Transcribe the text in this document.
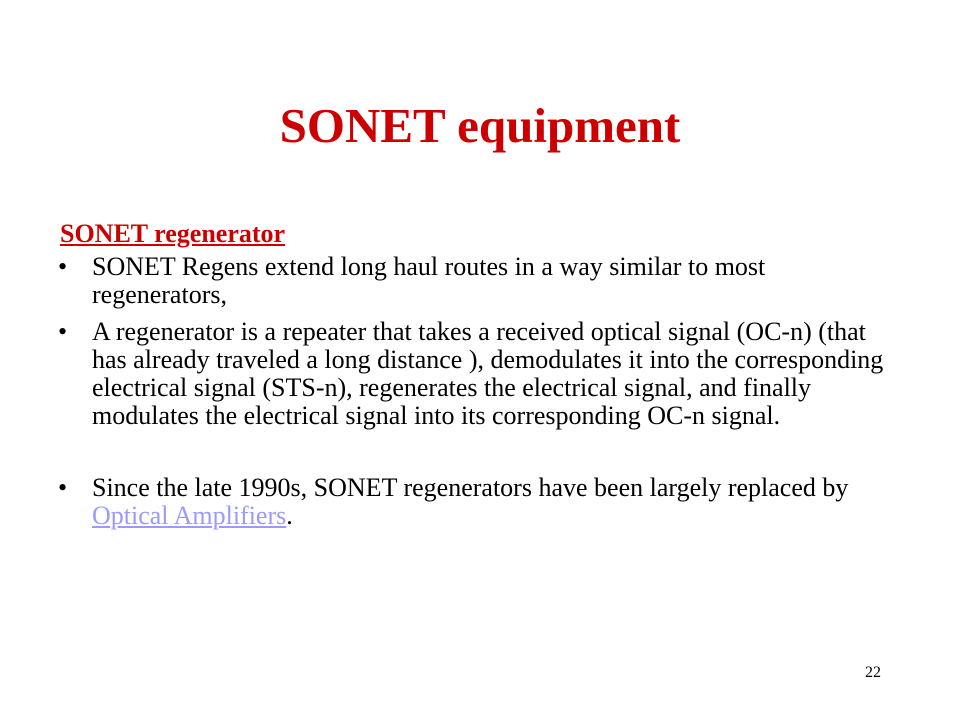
SONET equipment
SONET regenerator
• SONET Regens extend long haul routes in a way similar to most regenerators,
• A regenerator is a repeater that takes a received optical signal (OC-n) (that has already traveled a long distance ), demodulates it into the corresponding electrical signal (STS-n), regenerates the electrical signal, and finally modulates the electrical signal into its corresponding OC-n signal.
• Since the late 1990s, SONET regenerators have been largely replaced by Optical Amplifiers.
22
